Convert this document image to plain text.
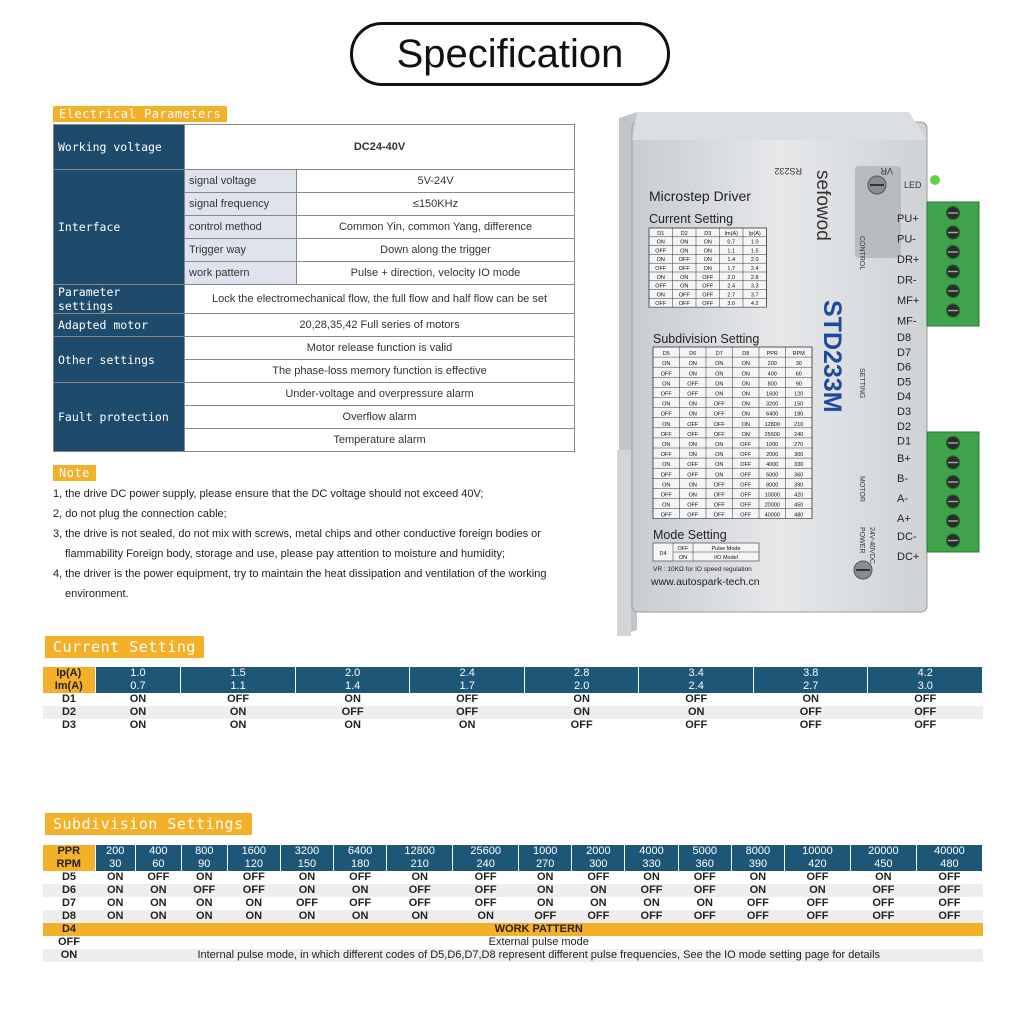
Specification
Electrical Parameters
Working voltage	DC24-40V	
Interface	signal voltage	5V-24V
	signal frequency	≤150KHz
	control method	Common Yin, common Yang, difference
	Trigger way	Down along the trigger
	work pattern	Pulse + direction, velocity IO mode
Parameter settings	Lock the electromechanical flow, the full flow and half flow can be set	
Adapted motor	20,28,35,42 Full series of motors	
Other settings	Motor release function is valid	
	The phase-loss memory function is effective	
Fault protection	Under-voltage and overpressure alarm	
	Overflow alarm	
	Temperature alarm	
Note

1, the drive DC power supply, please ensure that the DC voltage should not exceed 40V;

2, do not plug the connection cable;

3, the drive is not sealed, do not mix with screws, metal chips and other conductive foreign bodies or

flammability Foreign body, storage and use, please pay attention to moisture and humidity;

4, the driver is the power equipment, try to maintain the heat dissipation and ventilation of the working

environment.

RS232	VR
LED
sefowod
Microstep Driver
Current Setting
Subdivision Setting
Mode Setting
STD233M
D1	D2	D3 Im(A) Ip(A)
ON	ON	ON	0.7	1.0
OFF	ON	ON	1.1	1.5
ON	OFF	ON	1.4	2.0
OFF OFF	ON	1.7	2.4
ON	ON	OFF	2.0	2.8
OFF	ON	OFF	2.4	3.3
ON	OFF OFF	2.7	3.7
OFF OFF OFF	3.0	4.2
D5	D6	D7	D8	PPR	RPM
ON	ON	ON	ON	200	30
OFF	ON	ON	ON	400	60
ON	OFF	ON	ON	800	90
OFF	OFF	ON	ON	1600	120
ON	ON	OFF	ON	3200	150
OFF	ON	OFF	ON	6400	180
ON	OFF	OFF	ON	12800	210
OFF	OFF	OFF	ON	25600	240
ON	ON	ON	OFF	1000	270
OFF	ON	ON	OFF	2000	300
ON	OFF	ON	OFF	4000	330
OFF	OFF	ON	OFF	5000	360
ON	ON	OFF	OFF	8000	390
OFF	ON	OFF	OFF 10000	420
ON	OFF	OFF	OFF 20000	450
OFF	OFF	OFF	OFF 40000	480
D4
OFF	Pulse Mode
ON	I/O Model
VR : 10KΩ for IO speed regulation
www.autospark-tech.cn
CONTROL
SETTING
MOTOR
POWER 24V-40VDC
PU+
PU-
DR+
DR-
MF+
MF-
D8
D7
D6
D5
D4
D3
D2
D1
B+
B-
A-
A+
DC-
DC+
Current Setting
Ip(A)	1.0	1.5	2.0	2.4	2.8	3.4	3.8	4.2
Im(A)	0.7	1.1	1.4	1.7	2.0	2.4	2.7	3.0
D1	ON	OFF	ON	OFF	ON	OFF	ON	OFF
D2	ON	ON	OFF	OFF	ON	ON	OFF	OFF
D3	ON	ON	ON	ON	OFF	OFF	OFF	OFF
Subdivision Settings
PPR	200	400	800	1600	3200	6400	12800	25600	1000	2000	4000	5000	8000	10000	20000	40000
RPM	30	60	90	120	150	180	210	240	270	300	330	360	390	420	450	480
D5	ON	OFF	ON	OFF	ON	OFF	ON	OFF	ON	OFF	ON	OFF	ON	OFF	ON	OFF
D6	ON	ON	OFF	OFF	ON	ON	OFF	OFF	ON	ON	OFF	OFF	ON	ON	OFF	OFF
D7	ON	ON	ON	ON	OFF	OFF	OFF	OFF	ON	ON	ON	ON	OFF	OFF	OFF	OFF
D8	ON	ON	ON	ON	ON	ON	ON	ON	OFF	OFF	OFF	OFF	OFF	OFF	OFF	OFF
D4	WORK PATTERN															
OFF	External pulse mode															
ON	Internal pulse mode, in which different codes of D5,D6,D7,D8 represent different pulse frequencies, See the IO mode setting page for details															
